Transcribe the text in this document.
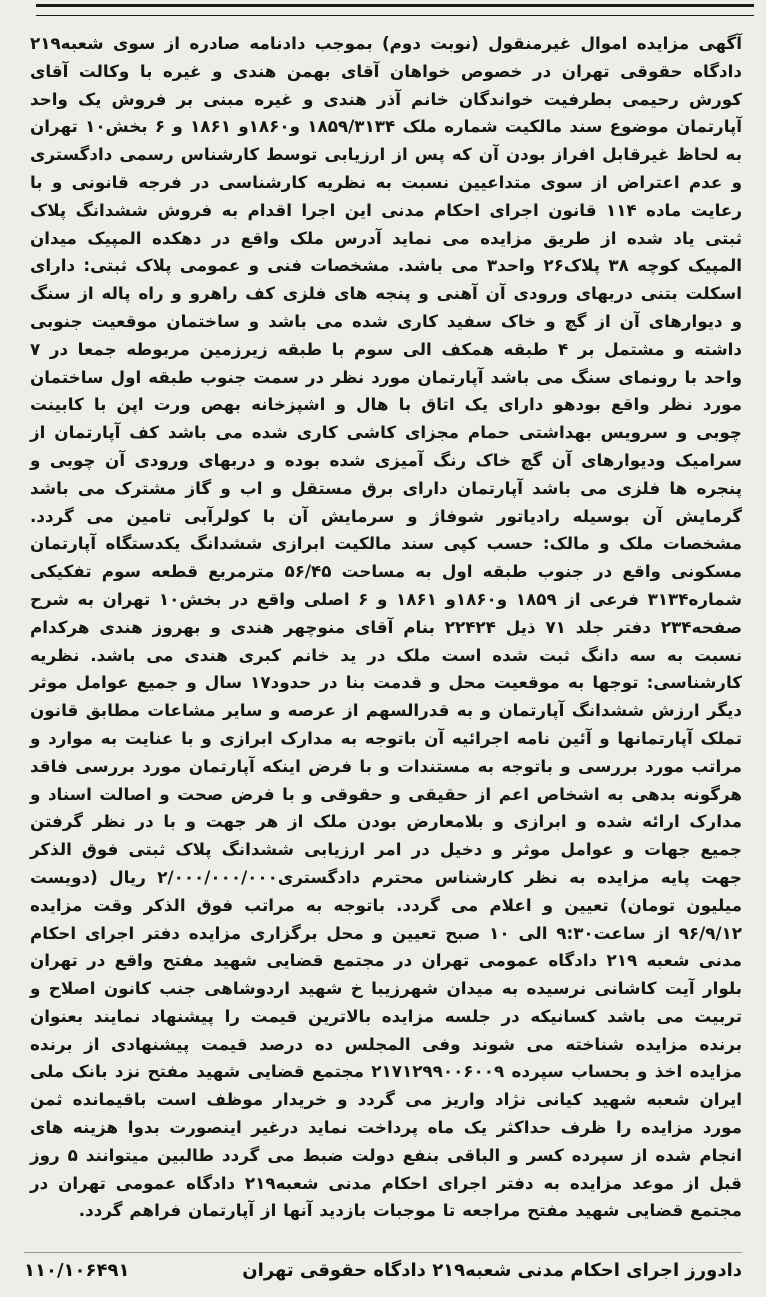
آگهی مزایده اموال غیرمنقول (نوبت دوم) بموجب دادنامه صادره از سوی شعبه۲۱۹ دادگاه حقوقی تهران در خصوص خواهان آقای بهمن هندی و غیره با وکالت آقای کورش رحیمی بطرفیت خواندگان خانم آذر هندی و غیره مبنی بر فروش یک واحد آپارتمان موضوع سند مالکیت شماره ملک ۱۸۵۹/۳۱۳۴ و۱۸۶۰و ۱۸۶۱ و ۶ بخش۱۰ تهران به لحاظ غیرقابل افراز بودن آن که پس از ارزیابی توسط کارشناس رسمی دادگستری و عدم اعتراض از سوی متداعیین نسبت به نظریه کارشناسی در فرجه قانونی و با رعایت ماده ۱۱۴ قانون اجرای احکام مدنی این اجرا اقدام به فروش ششدانگ پلاک ثبتی یاد شده از طریق مزایده می نماید آدرس ملک واقع در دهکده المپیک میدان المپیک کوچه ۳۸ پلاک۲۶ واحد۳ می باشد. مشخصات فنی و عمومی پلاک ثبتی: دارای اسکلت بتنی دربهای ورودی آن آهنی و پنجه های فلزی کف راهرو و راه پاله از سنگ و دیوارهای آن از گچ و خاک سفید کاری شده می باشد و ساختمان موقعیت جنوبی داشته و مشتمل بر ۴ طبقه همکف الی سوم با طبقه زیرزمین مربوطه جمعا در ۷ واحد با رونمای سنگ می باشد آپارتمان مورد نظر در سمت جنوب طبقه اول ساختمان مورد نظر واقع بودهو دارای یک اتاق با هال و اشپزخانه بهص ورت اپن با کابینت چوبی و سرویس بهداشتی حمام مجزای کاشی کاری شده می باشد کف آپارتمان از سرامیک ودیوارهای آن گچ خاک رنگ آمیزی شده بوده و دربهای ورودی آن چوبی و پنجره ها فلزی می باشد آپارتمان دارای برق مستقل و اب و گاز مشترک می باشد گرمایش آن بوسیله رادیاتور شوفاژ و سرمایش آن با کولرآبی تامین می گردد. مشخصات ملک و مالک: حسب کپی سند مالکیت ابرازی ششدانگ یکدستگاه آپارتمان مسکونی واقع در جنوب طبقه اول به مساحت ۵۶/۴۵ مترمربع قطعه سوم تفکیکی شماره۳۱۳۴ فرعی از ۱۸۵۹ و۱۸۶۰و ۱۸۶۱ و ۶ اصلی واقع در بخش۱۰ تهران به شرح صفحه۲۳۴ دفتر جلد ۷۱ ذیل ۲۲۴۲۴ بنام آقای منوچهر هندی و بهروز هندی هرکدام نسبت به سه دانگ ثبت شده است ملک در ید خانم کبری هندی می باشد. نظریه کارشناسی: توجها به موقعیت محل و قدمت بنا در حدود۱۷ سال و جمیع عوامل موثر دیگر ارزش ششدانگ آپارتمان و به قدرالسهم از عرصه و سایر مشاعات مطابق قانون تملک آپارتمانها و آئین نامه اجرائیه آن باتوجه به مدارک ابرازی و با عنایت به موارد و مراتب مورد بررسی و باتوجه به مستندات و با فرض اینکه آپارتمان مورد بررسی فاقد هرگونه بدهی به اشخاص اعم از حقیقی و حقوقی و با فرض صحت و اصالت اسناد و مدارک ارائه شده و ابرازی و بلامعارض بودن ملک از هر جهت و با در نظر گرفتن جمیع جهات و عوامل موثر و دخیل در امر ارزیابی ششدانگ پلاک ثبتی فوق الذکر جهت پایه مزایده به نظر کارشناس محترم دادگستری۲/۰۰۰/۰۰۰/۰۰۰ ریال (دویست میلیون تومان) تعیین و اعلام می گردد. باتوجه به مراتب فوق الذکر وقت مزایده ۹۶/۹/۱۲ از ساعت۹:۳۰ الی ۱۰ صبح تعیین و محل برگزاری مزایده دفتر اجرای احکام مدنی شعبه ۲۱۹ دادگاه عمومی تهران در مجتمع قضایی شهید مفتح واقع در تهران بلوار آیت کاشانی نرسیده به میدان شهرزیبا خ شهید اردوشاهی جنب کانون اصلاح و تربیت می باشد کسانیکه در جلسه مزایده بالاترین قیمت را پیشنهاد نمایند بعنوان برنده مزایده شناخته می شوند وفی المجلس ده درصد قیمت پیشنهادی از برنده مزایده اخذ و بحساب سپرده ۲۱۷۱۲۹۹۰۰۶۰۰۹ مجتمع قضایی شهید مفتح نزد بانک ملی ایران شعبه شهید کیانی نژاد واریز می گردد و خریدار موظف است باقیمانده ثمن مورد مزایده را ظرف حداکثر یک ماه پرداخت نماید درغیر اینصورت بدوا هزینه های انجام شده از سپرده کسر و الباقی بنفع دولت ضبط می گردد طالبین میتوانند ۵ روز قبل از موعد مزایده به دفتر اجرای احکام مدنی شعبه۲۱۹ دادگاه عمومی تهران در مجتمع قضایی شهید مفتح مراجعه تا موجبات بازدید آنها از آپارتمان فراهم گردد.

دادورز اجرای احکام مدنی شعبه۲۱۹ دادگاه حقوقی تهران
۱۱۰/۱۰۶۴۹۱
